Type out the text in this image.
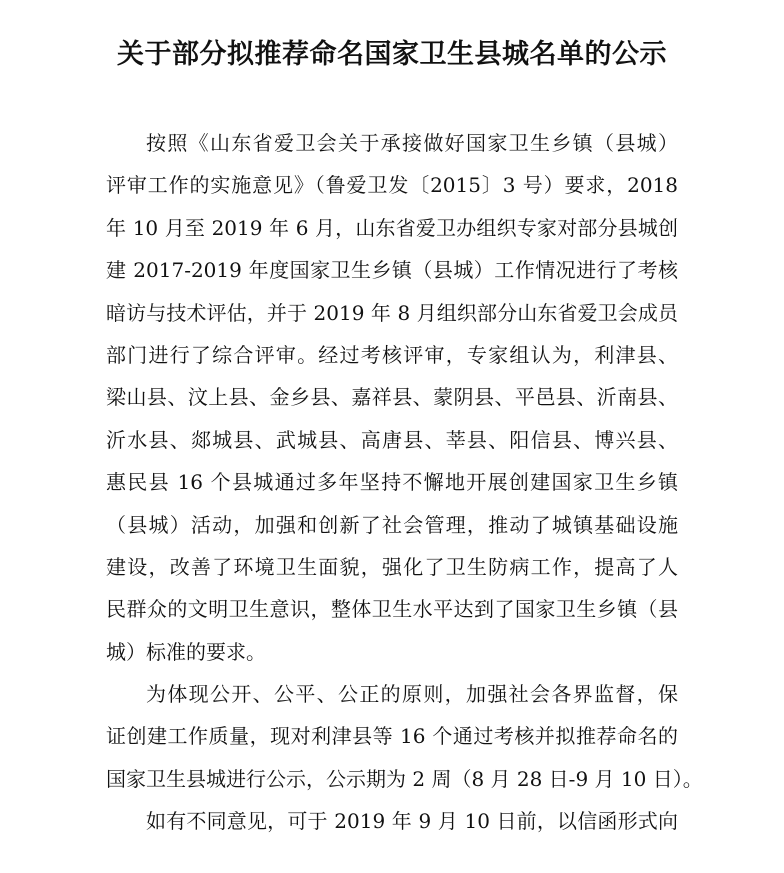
关于部分拟推荐命名国家卫生县城名单的公示
按照《山东省爱卫会关于承接做好国家卫生乡镇（县城）
评审工作的实施意见》（鲁爱卫发〔2015〕3 号）要求，2018
年 10 月至 2019 年 6 月，山东省爱卫办组织专家对部分县城创
建 2017-2019 年度国家卫生乡镇（县城）工作情况进行了考核
暗访与技术评估，并于 2019 年 8 月组织部分山东省爱卫会成员
部门进行了综合评审。经过考核评审，专家组认为，利津县、
梁山县、汶上县、金乡县、嘉祥县、蒙阴县、平邑县、沂南县、
沂水县、郯城县、武城县、高唐县、莘县、阳信县、博兴县、
惠民县 16 个县城通过多年坚持不懈地开展创建国家卫生乡镇
（县城）活动，加强和创新了社会管理，推动了城镇基础设施
建设，改善了环境卫生面貌，强化了卫生防病工作，提高了人
民群众的文明卫生意识，整体卫生水平达到了国家卫生乡镇（县
城）标准的要求。
为体现公开、公平、公正的原则，加强社会各界监督，保
证创建工作质量，现对利津县等 16 个通过考核并拟推荐命名的
国家卫生县城进行公示，公示期为 2 周（8 月 28 日-9 月 10 日）。
如有不同意见，可于 2019 年 9 月 10 日前，以信函形式向
